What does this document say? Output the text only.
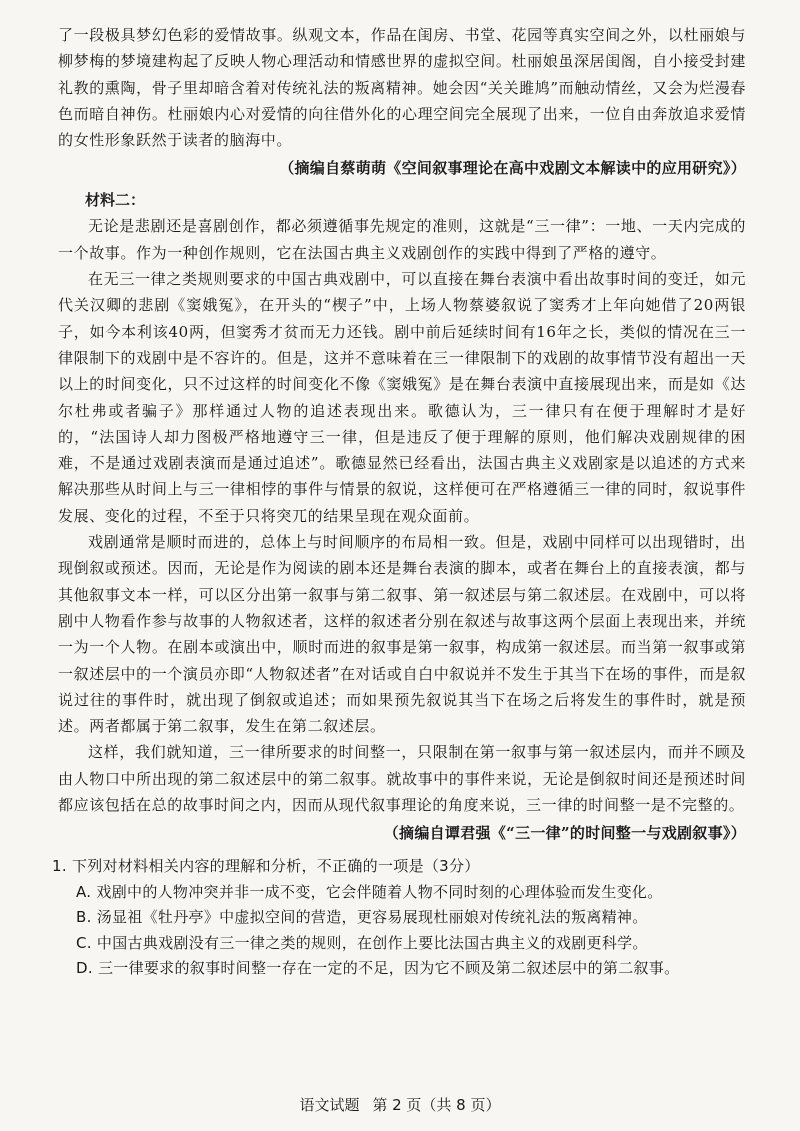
了一段极具梦幻色彩的爱情故事。纵观文本，作品在闺房、书堂、花园等真实空间之外，以杜丽娘与柳梦梅的梦境建构起了反映人物心理活动和情感世界的虚拟空间。杜丽娘虽深居闺阁，自小接受封建礼教的熏陶，骨子里却暗含着对传统礼法的叛离精神。她会因“关关雎鸠”而触动情丝，又会为烂漫春色而暗自神伤。杜丽娘内心对爱情的向往借外化的心理空间完全展现了出来，一位自由奔放追求爱情的女性形象跃然于读者的脑海中。

（摘编自蔡萌萌《空间叙事理论在高中戏剧文本解读中的应用研究》）

材料二：

无论是悲剧还是喜剧创作，都必须遵循事先规定的准则，这就是“三一律”：一地、一天内完成的一个故事。作为一种创作规则，它在法国古典主义戏剧创作的实践中得到了严格的遵守。

在无三一律之类规则要求的中国古典戏剧中，可以直接在舞台表演中看出故事时间的变迁，如元代关汉卿的悲剧《窦娥冤》，在开头的“楔子”中，上场人物蔡婆叙说了窦秀才上年向她借了20两银子，如今本利该40两，但窦秀才贫而无力还钱。剧中前后延续时间有16年之长，类似的情况在三一律限制下的戏剧中是不容许的。但是，这并不意味着在三一律限制下的戏剧的故事情节没有超出一天以上的时间变化，只不过这样的时间变化不像《窦娥冤》是在舞台表演中直接展现出来，而是如《达尔杜弗或者骗子》那样通过人物的追述表现出来。歌德认为，三一律只有在便于理解时才是好的，“法国诗人却力图极严格地遵守三一律，但是违反了便于理解的原则，他们解决戏剧规律的困难，不是通过戏剧表演而是通过追述”。歌德显然已经看出，法国古典主义戏剧家是以追述的方式来解决那些从时间上与三一律相悖的事件与情景的叙说，这样便可在严格遵循三一律的同时，叙说事件发展、变化的过程，不至于只将突兀的结果呈现在观众面前。

戏剧通常是顺时而进的，总体上与时间顺序的布局相一致。但是，戏剧中同样可以出现错时，出现倒叙或预述。因而，无论是作为阅读的剧本还是舞台表演的脚本，或者在舞台上的直接表演，都与其他叙事文本一样，可以区分出第一叙事与第二叙事、第一叙述层与第二叙述层。在戏剧中，可以将剧中人物看作参与故事的人物叙述者，这样的叙述者分别在叙述与故事这两个层面上表现出来，并统一为一个人物。在剧本或演出中，顺时而进的叙事是第一叙事，构成第一叙述层。而当第一叙事或第一叙述层中的一个演员亦即“人物叙述者”在对话或自白中叙说并不发生于其当下在场的事件，而是叙说过往的事件时，就出现了倒叙或追述；而如果预先叙说其当下在场之后将发生的事件时，就是预述。两者都属于第二叙事，发生在第二叙述层。

这样，我们就知道，三一律所要求的时间整一，只限制在第一叙事与第一叙述层内，而并不顾及由人物口中所出现的第二叙述层中的第二叙事。就故事中的事件来说，无论是倒叙时间还是预述时间都应该包括在总的故事时间之内，因而从现代叙事理论的角度来说，三一律的时间整一是不完整的。

（摘编自谭君强《“三一律”的时间整一与戏剧叙事》）

1. 下列对材料相关内容的理解和分析，不正确的一项是（3分）

A. 戏剧中的人物冲突并非一成不变，它会伴随着人物不同时刻的心理体验而发生变化。

B. 汤显祖《牡丹亭》中虚拟空间的营造，更容易展现杜丽娘对传统礼法的叛离精神。

C. 中国古典戏剧没有三一律之类的规则，在创作上要比法国古典主义的戏剧更科学。

D. 三一律要求的叙事时间整一存在一定的不足，因为它不顾及第二叙述层中的第二叙事。

语文试题 第 2 页（共 8 页）
